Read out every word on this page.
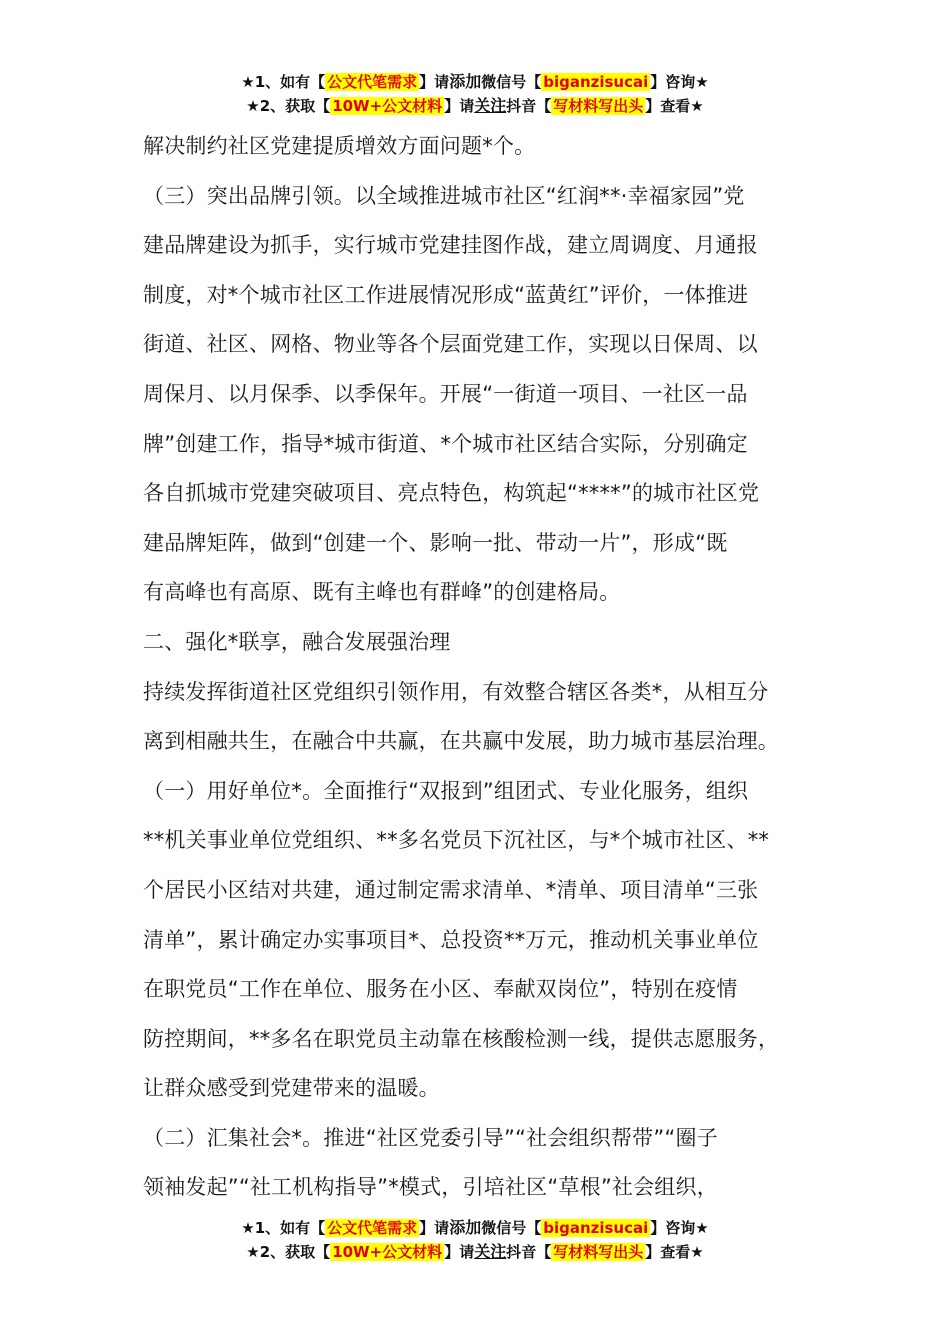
★1、如有【 公文代笔需求 】请添加微信号【 biganzisucai 】咨询★
★2、获取【 10W+公文材料 】请关注抖音【 写材料写出头 】查看★

解决制约社区党建提质增效方面问题*个。

（三）突出品牌引领。以全域推进城市社区“红润**·幸福家园”党

建品牌建设为抓手，实行城市党建挂图作战，建立周调度、月通报

制度，对*个城市社区工作进展情况形成“蓝黄红”评价，一体推进

街道、社区、网格、物业等各个层面党建工作，实现以日保周、以

周保月、以月保季、以季保年。开展“一街道一项目、一社区一品

牌”创建工作，指导*城市街道、*个城市社区结合实际，分别确定

各自抓城市党建突破项目、亮点特色，构筑起“****”的城市社区党

建品牌矩阵，做到“创建一个、影响一批、带动一片”，形成“既

有高峰也有高原、既有主峰也有群峰”的创建格局。

二、强化*联享，融合发展强治理

持续发挥街道社区党组织引领作用，有效整合辖区各类*，从相互分

离到相融共生，在融合中共赢，在共赢中发展，助力城市基层治理。

（一）用好单位*。全面推行“双报到”组团式、专业化服务，组织

**机关事业单位党组织、**多名党员下沉社区，与*个城市社区、**

个居民小区结对共建，通过制定需求清单、*清单、项目清单“三张

清单”，累计确定办实事项目*、总投资**万元，推动机关事业单位

在职党员“工作在单位、服务在小区、奉献双岗位”，特别在疫情

防控期间，**多名在职党员主动靠在核酸检测一线，提供志愿服务，

让群众感受到党建带来的温暖。

（二）汇集社会*。推进“社区党委引导”“社会组织帮带”“圈子

领袖发起”“社工机构指导”*模式，引培社区“草根”社会组织，

★1、如有【 公文代笔需求 】请添加微信号【 biganzisucai 】咨询★
★2、获取【 10W+公文材料 】请关注抖音【 写材料写出头 】查看★
